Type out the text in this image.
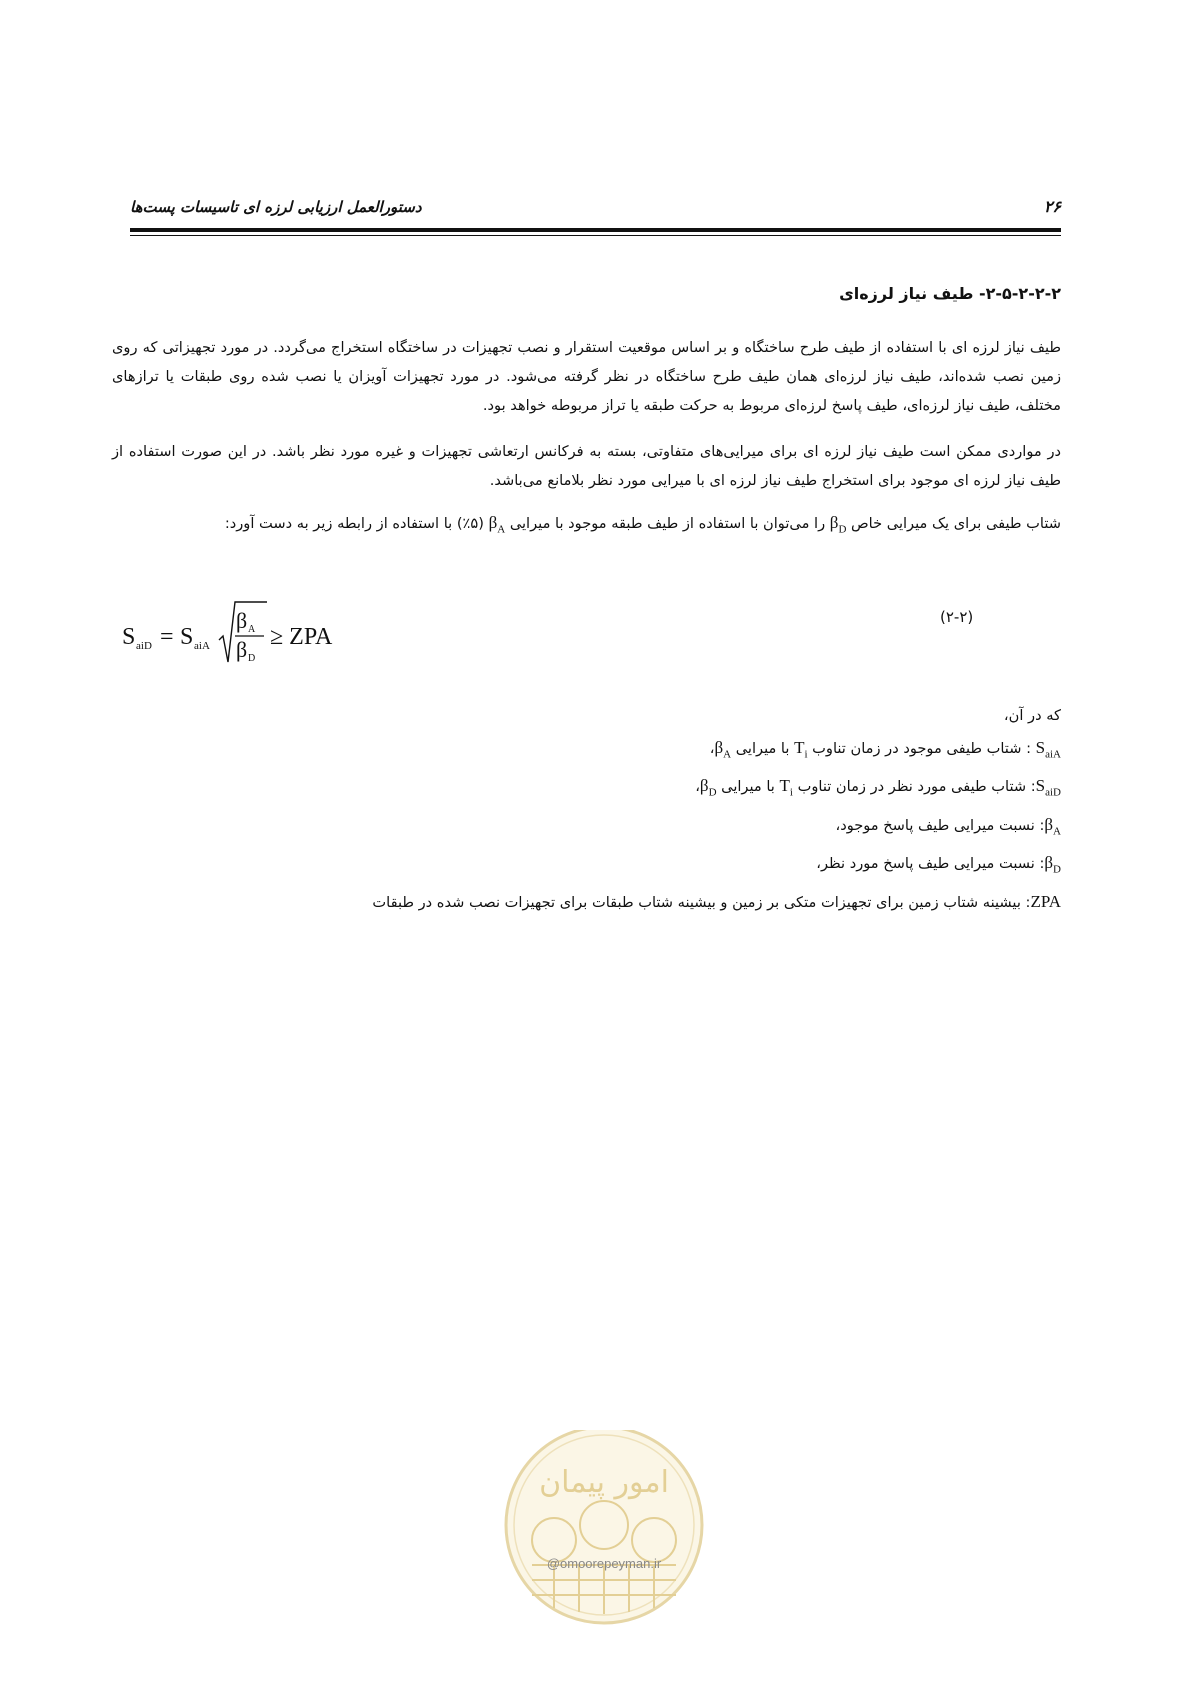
دستورالعمل ارزیابی لرزه ای تاسیسات پست‌ها	۲۶
۲-۵-۲-۲-۲- طیف نیاز لرزه‌ای
طیف نیاز لرزه ای با استفاده از طیف طرح ساختگاه و بر اساس موقعیت استقرار و نصب تجهیزات در ساختگاه استخراج می‌گردد. در مورد تجهیزاتی که روی زمین نصب شده‌اند، طیف نیاز لرزه‌ای همان طیف طرح ساختگاه در نظر گرفته می‌شود. در مورد تجهیزات آویزان یا نصب شده روی طبقات یا ترازهای مختلف، طیف نیاز لرزه‌ای، طیف پاسخ لرزه‌ای مربوط به حرکت طبقه یا تراز مربوطه خواهد بود.
در مواردی ممکن است طیف نیاز لرزه ای برای میرایی‌های متفاوتی، بسته به فرکانس ارتعاشی تجهیزات و غیره مورد نظر باشد. در این صورت استفاده از طیف نیاز لرزه ای موجود برای استخراج طیف نیاز لرزه ای با میرایی مورد نظر بلامانع می‌باشد.
شتاب طیفی برای یک میرایی خاص $\beta_D$ را می‌توان با استفاده از طیف طبقه موجود با میرایی $\beta_A$ (۵٪) با استفاده از رابطه زیر به دست آورد:
S aiD = S aiA
β A
β D
≥ ZPA
(۲-۲)
که در آن،
$S_{aiA}$ : شتاب طیفی موجود در زمان تناوب $T_i$ با میرایی $\beta_A،$
$S_{aiD}$: شتاب طیفی مورد نظر در زمان تناوب $T_i$ با میرایی $\beta_D،$
$\beta_A$: نسبت میرایی طیف پاسخ موجود،
$\beta_D$: نسبت میرایی طیف پاسخ مورد نظر،
ZPA: بیشینه شتاب زمین برای تجهیزات متکی بر زمین و بیشینه شتاب طبقات برای تجهیزات نصب شده در طبقات
امور پیمان
@omoorepeyman.ir
